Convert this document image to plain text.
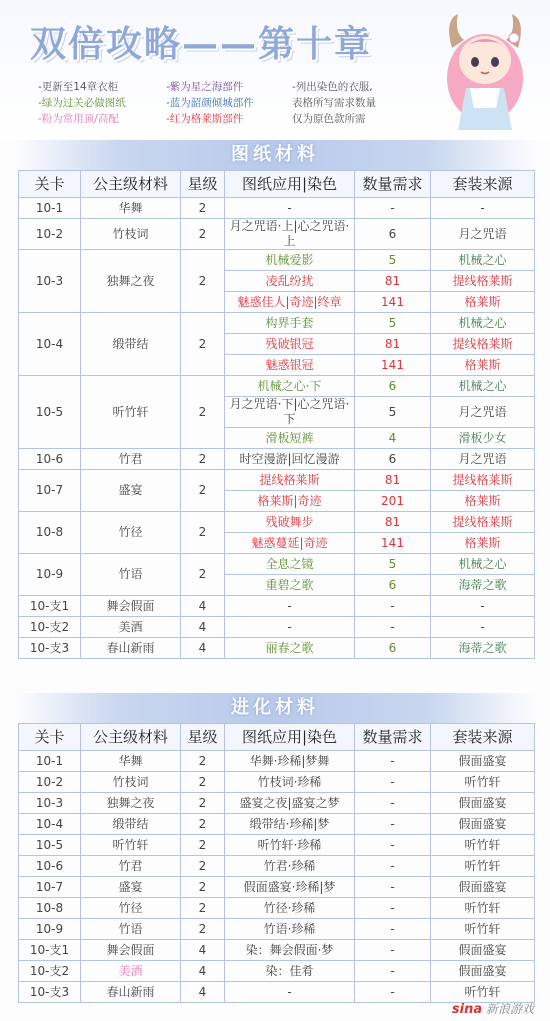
双倍攻略——第十章
-更新至14章衣柜	-紫为星之海部件	-列出染色的衣服,
-绿为过关必做图纸	-蓝为韶颜倾城部件	表格所写需求数量
-粉为常用顶/高配	-红为格莱斯部件	仅为原色款所需
图纸材料
关卡	公主级材料	星级	图纸应用|染色	数量需求	套装来源
10-1	华舞	2	-	-	-
10-2	竹枝词	2	月之咒语·上|心之咒语·上	6	月之咒语
10-3	独舞之夜	2	机械爱影	5	机械之心
			凌乱纷扰	81	提线格莱斯
			魅惑佳人|奇迹|终章	141	格莱斯
10-4	缎带结	2	构界手套	5	机械之心
			残破银冠	81	提线格莱斯
			魅惑银冠	141	格莱斯
10-5	听竹轩	2	机械之心·下	6	机械之心
			月之咒语·下|心之咒语·下	5	月之咒语
			滑板短裤	4	滑板少女
10-6	竹君	2	时空漫游|回忆漫游	6	月之咒语
10-7	盛宴	2	提线格莱斯	81	提线格莱斯
			格莱斯|奇迹	201	格莱斯
10-8	竹径	2	残破舞步	81	提线格莱斯
			魅惑蔓延|奇迹	141	格莱斯
10-9	竹语	2	全息之镜	5	机械之心
			重碧之歌	6	海蒂之歌
10-支1	舞会假面	4	-	-	-
10-支2	美酒	4	-	-	-
10-支3	春山新雨	4	丽春之歌	6	海蒂之歌
进化材料
关卡	公主级材料	星级	图纸应用|染色	数量需求	套装来源
10-1	华舞	2	华舞·珍稀|梦舞	-	假面盛宴
10-2	竹枝词	2	竹枝词·珍稀	-	听竹轩
10-3	独舞之夜	2	盛宴之夜|盛宴之梦	-	假面盛宴
10-4	缎带结	2	缎带结·珍稀|梦	-	假面盛宴
10-5	听竹轩	2	听竹轩·珍稀	-	听竹轩
10-6	竹君	2	竹君·珍稀	-	听竹轩
10-7	盛宴	2	假面盛宴·珍稀|梦	-	假面盛宴
10-8	竹径	2	竹径·珍稀	-	听竹轩
10-9	竹语	2	竹语·珍稀	-	听竹轩
10-支1	舞会假面	4	染：舞会假面·梦	-	假面盛宴
10-支2	美酒	4	染：佳肴	-	假面盛宴
10-支3	春山新雨	4	-	-	听竹轩
sina 新浪游戏
